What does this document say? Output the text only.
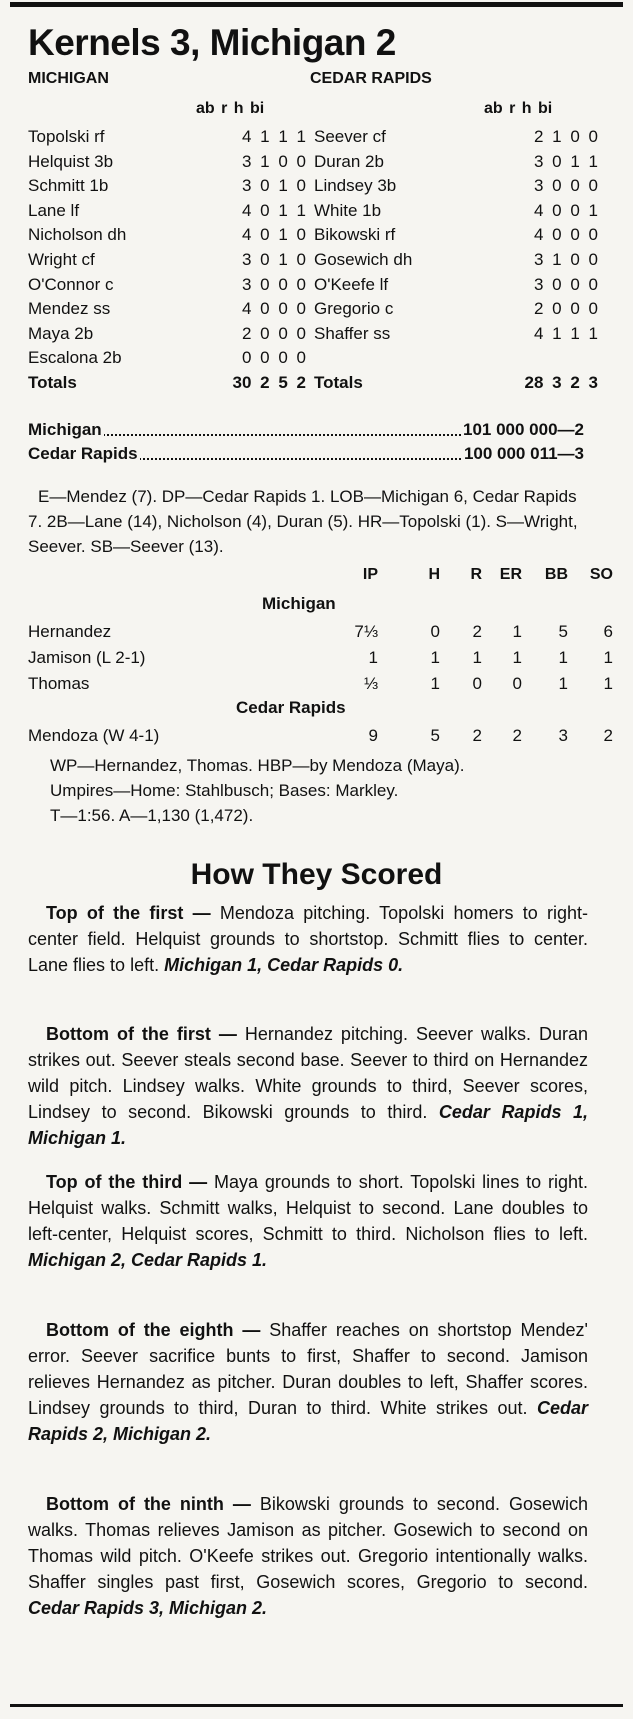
Kernels 3, Michigan 2
MICHIGAN	CEDAR RAPIDS
ab r h bi	ab r h bi
Topolski rf	4 1 1 1
Helquist 3b	3 1 0 0
Schmitt 1b	3 0 1 0
Lane lf	4 0 1 1
Nicholson dh	4 0 1 0
Wright cf	3 0 1 0
O'Connor c	3 0 0 0
Mendez ss	4 0 0 0
Maya 2b	2 0 0 0
Escalona 2b	0 0 0 0
Totals	30 2 5 2
Seever cf	2 1 0 0
Duran 2b	3 0 1 1
Lindsey 3b	3 0 0 0
White 1b	4 0 0 1
Bikowski rf	4 0 0 0
Gosewich dh	3 1 0 0
O'Keefe lf	3 0 0 0
Gregorio c	2 0 0 0
Shaffer ss	4 1 1 1
Totals	28 3 2 3
Michigan	101 000 000—2
Cedar Rapids	100 000 011—3
E—Mendez (7). DP—Cedar Rapids 1. LOB—Michigan 6, Cedar Rapids 7. 2B—Lane (14), Nicholson (4), Duran (5). HR—Topolski (1). S—Wright, Seever. SB—Seever (13).
IP	H	R	ER	BB	SO
Michigan
Hernandez	7⅓	0	2	1	5	6
Jamison (L 2-1)	1	1	1	1	1	1
Thomas	⅓	1	0	0	1	1
Cedar Rapids
Mendoza (W 4-1)	9	5	2	2	3	2
WP—Hernandez, Thomas. HBP—by Mendoza (Maya).
Umpires—Home: Stahlbusch; Bases: Markley.
T—1:56. A—1,130 (1,472).
How They Scored
Top of the first — Mendoza pitching. Topolski homers to right-center field. Helquist grounds to shortstop. Schmitt flies to center. Lane flies to left. Michigan 1, Cedar Rapids 0.
Bottom of the first — Hernandez pitching. Seever walks. Duran strikes out. Seever steals second base. Seever to third on Hernandez wild pitch. Lindsey walks. White grounds to third, Seever scores, Lindsey to second. Bikowski grounds to third. Cedar Rapids 1, Michigan 1.
Top of the third — Maya grounds to short. Topolski lines to right. Helquist walks. Schmitt walks, Helquist to second. Lane doubles to left-center, Helquist scores, Schmitt to third. Nicholson flies to left. Michigan 2, Cedar Rapids 1.
Bottom of the eighth — Shaffer reaches on shortstop Mendez' error. Seever sacrifice bunts to first, Shaffer to second. Jamison relieves Hernandez as pitcher. Duran doubles to left, Shaffer scores. Lindsey grounds to third, Duran to third. White strikes out. Cedar Rapids 2, Michigan 2.
Bottom of the ninth — Bikowski grounds to second. Gosewich walks. Thomas relieves Jamison as pitcher. Gosewich to second on Thomas wild pitch. O'Keefe strikes out. Gregorio intentionally walks. Shaffer singles past first, Gosewich scores, Gregorio to second. Cedar Rapids 3, Michigan 2.
